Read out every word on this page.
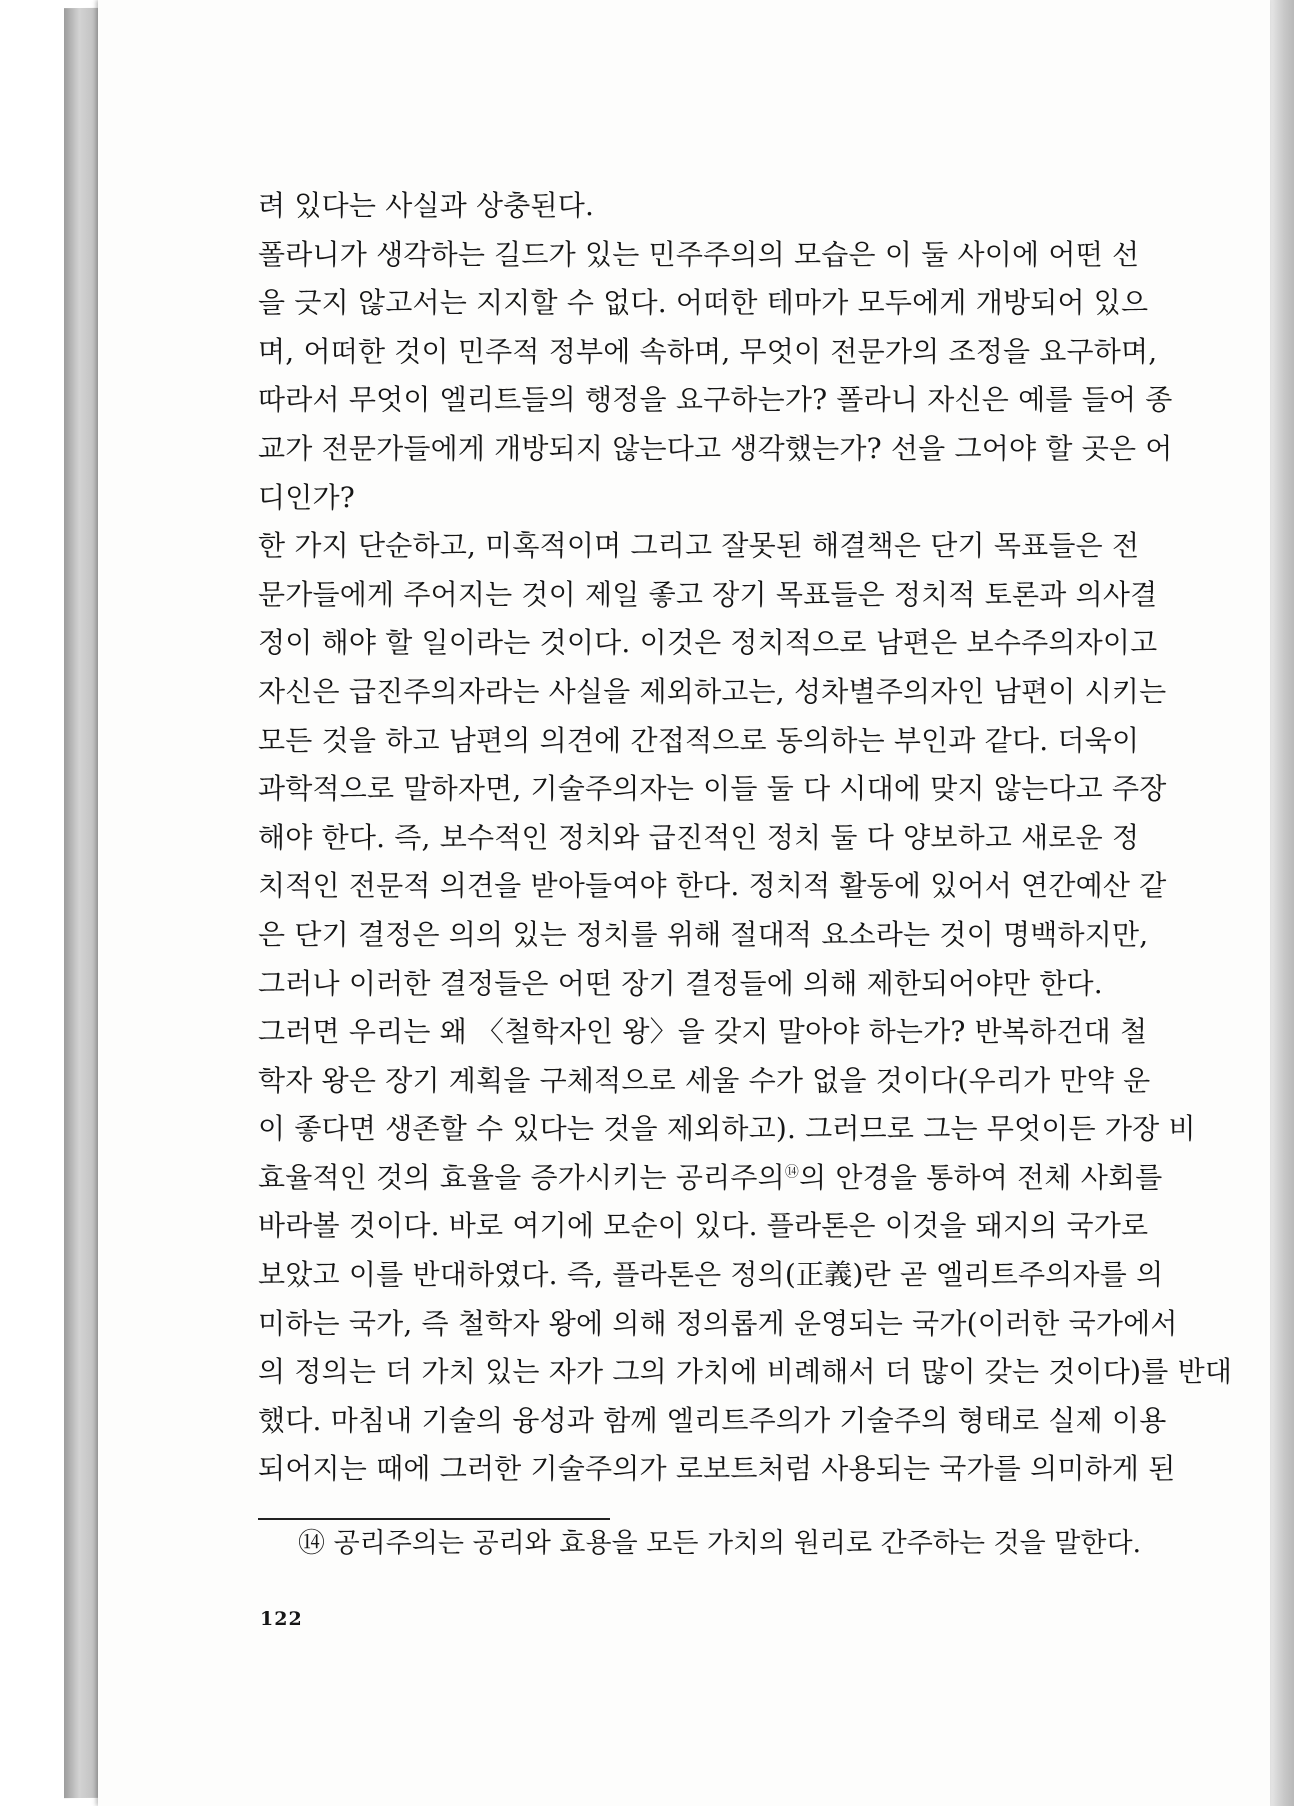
려 있다는 사실과 상충된다.
폴라니가 생각하는 길드가 있는 민주주의의 모습은 이 둘 사이에 어떤 선
을 긋지 않고서는 지지할 수 없다. 어떠한 테마가 모두에게 개방되어 있으
며, 어떠한 것이 민주적 정부에 속하며, 무엇이 전문가의 조정을 요구하며,
따라서 무엇이 엘리트들의 행정을 요구하는가? 폴라니 자신은 예를 들어 종
교가 전문가들에게 개방되지 않는다고 생각했는가? 선을 그어야 할 곳은 어
디인가?
한 가지 단순하고, 미혹적이며 그리고 잘못된 해결책은 단기 목표들은 전
문가들에게 주어지는 것이 제일 좋고 장기 목표들은 정치적 토론과 의사결
정이 해야 할 일이라는 것이다. 이것은 정치적으로 남편은 보수주의자이고
자신은 급진주의자라는 사실을 제외하고는, 성차별주의자인 남편이 시키는
모든 것을 하고 남편의 의견에 간접적으로 동의하는 부인과 같다. 더욱이
과학적으로 말하자면, 기술주의자는 이들 둘 다 시대에 맞지 않는다고 주장
해야 한다. 즉, 보수적인 정치와 급진적인 정치 둘 다 양보하고 새로운 정
치적인 전문적 의견을 받아들여야 한다. 정치적 활동에 있어서 연간예산 같
은 단기 결정은 의의 있는 정치를 위해 절대적 요소라는 것이 명백하지만,
그러나 이러한 결정들은 어떤 장기 결정들에 의해 제한되어야만 한다.
그러면 우리는 왜 〈철학자인 왕〉을 갖지 말아야 하는가? 반복하건대 철
학자 왕은 장기 계획을 구체적으로 세울 수가 없을 것이다(우리가 만약 운
이 좋다면 생존할 수 있다는 것을 제외하고). 그러므로 그는 무엇이든 가장 비
효율적인 것의 효율을 증가시키는 공리주의⑭의 안경을 통하여 전체 사회를
바라볼 것이다. 바로 여기에 모순이 있다. 플라톤은 이것을 돼지의 국가로
보았고 이를 반대하였다. 즉, 플라톤은 정의(正義)란 곧 엘리트주의자를 의
미하는 국가, 즉 철학자 왕에 의해 정의롭게 운영되는 국가(이러한 국가에서
의 정의는 더 가치 있는 자가 그의 가치에 비례해서 더 많이 갖는 것이다)를 반대
했다. 마침내 기술의 융성과 함께 엘리트주의가 기술주의 형태로 실제 이용
되어지는 때에 그러한 기술주의가 로보트처럼 사용되는 국가를 의미하게 된
⑭ 공리주의는 공리와 효용을 모든 가치의 원리로 간주하는 것을 말한다.
122
